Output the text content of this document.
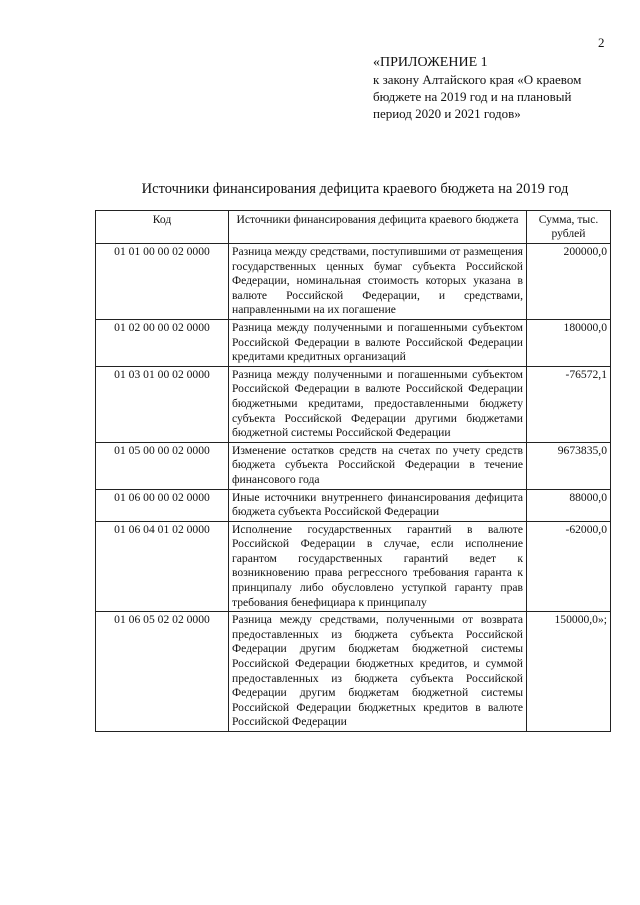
2
«ПРИЛОЖЕНИЕ 1
к закону Алтайского края «О краевом бюджете на 2019 год и на плановый период 2020 и 2021 годов»
Источники финансирования дефицита краевого бюджета на 2019 год
Код	Источники финансирования дефицита краевого бюджета	Сумма, тыс. рублей
01 01 00 00 02 0000	Разница между средствами, поступившими от размещения государственных ценных бумаг субъекта Российской Федерации, номинальная стоимость которых указана в валюте Российской Федерации, и средствами, направленными на их погашение	200000,0
01 02 00 00 02 0000	Разница между полученными и погашенными субъектом Российской Федерации в валюте Российской Федерации кредитами кредитных организаций	180000,0
01 03 01 00 02 0000	Разница между полученными и погашенными субъектом Российской Федерации в валюте Российской Федерации бюджетными кредитами, предоставленными бюджету субъекта Российской Федерации другими бюджетами бюджетной системы Российской Федерации	-76572,1
01 05 00 00 02 0000	Изменение остатков средств на счетах по учету средств бюджета субъекта Российской Федерации в течение финансового года	9673835,0
01 06 00 00 02 0000	Иные источники внутреннего финансирования дефицита бюджета субъекта Российской Федерации	88000,0
01 06 04 01 02 0000	Исполнение государственных гарантий в валюте Российской Федерации в случае, если исполнение гарантом государственных гарантий ведет к возникновению права регрессного требования гаранта к принципалу либо обусловлено уступкой гаранту прав требования бенефициара к принципалу	-62000,0
01 06 05 02 02 0000	Разница между средствами, полученными от возврата предоставленных из бюджета субъекта Российской Федерации другим бюджетам бюджетной системы Российской Федерации бюджетных кредитов, и суммой предоставленных из бюджета субъекта Российской Федерации другим бюджетам бюджетной системы Российской Федерации бюджетных кредитов в валюте Российской Федерации	150000,0»;
